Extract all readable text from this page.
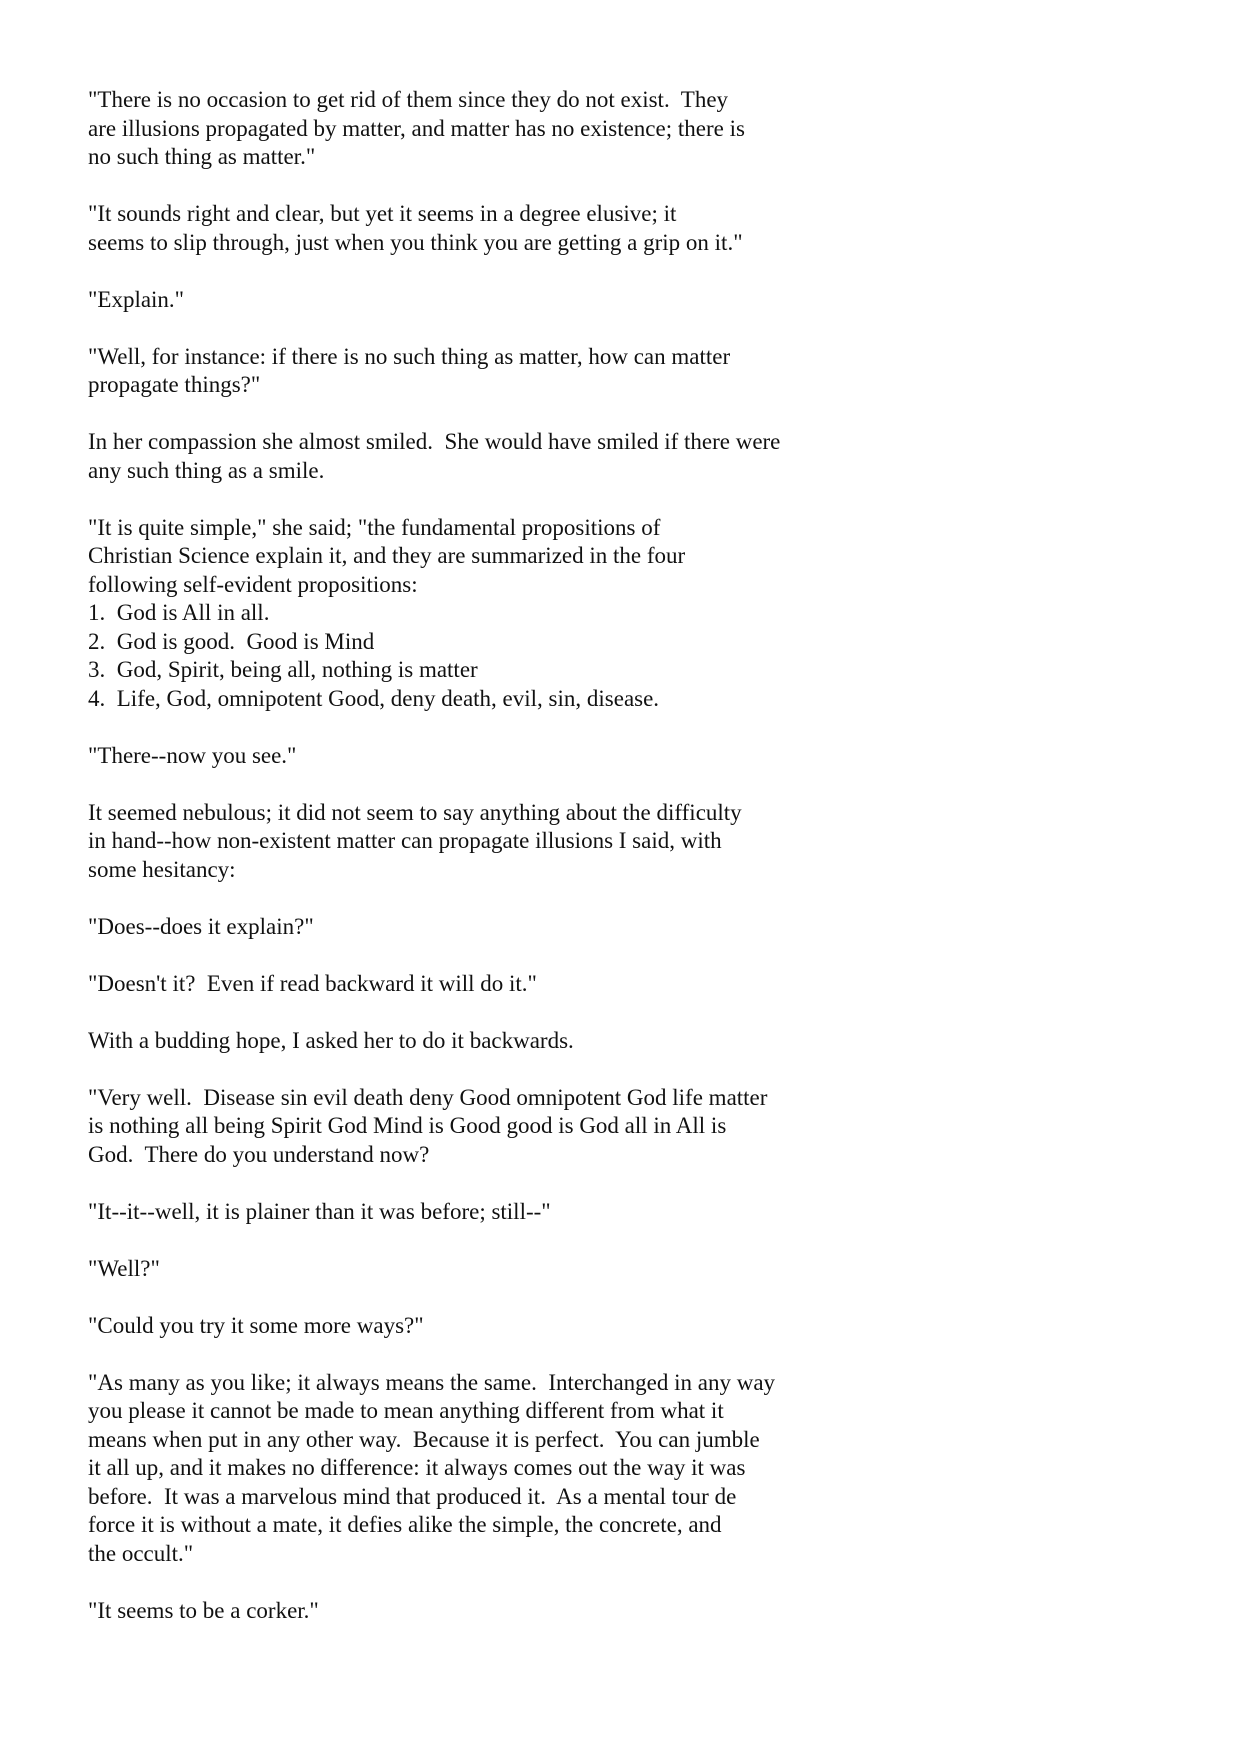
"There is no occasion to get rid of them since they do not exist.  They
are illusions propagated by matter, and matter has no existence; there is
no such thing as matter."

"It sounds right and clear, but yet it seems in a degree elusive; it
seems to slip through, just when you think you are getting a grip on it."

"Explain."

"Well, for instance: if there is no such thing as matter, how can matter
propagate things?"

In her compassion she almost smiled.  She would have smiled if there were
any such thing as a smile.

"It is quite simple," she said; "the fundamental propositions of
Christian Science explain it, and they are summarized in the four
following self-evident propositions:
1.  God is All in all.
2.  God is good.  Good is Mind
3.  God, Spirit, being all, nothing is matter
4.  Life, God, omnipotent Good, deny death, evil, sin, disease.

"There--now you see."

It seemed nebulous; it did not seem to say anything about the difficulty
in hand--how non-existent matter can propagate illusions I said, with
some hesitancy:

"Does--does it explain?"

"Doesn't it?  Even if read backward it will do it."

With a budding hope, I asked her to do it backwards.

"Very well.  Disease sin evil death deny Good omnipotent God life matter
is nothing all being Spirit God Mind is Good good is God all in All is
God.  There do you understand now?

"It--it--well, it is plainer than it was before; still--"

"Well?"

"Could you try it some more ways?"

"As many as you like; it always means the same.  Interchanged in any way
you please it cannot be made to mean anything different from what it
means when put in any other way.  Because it is perfect.  You can jumble
it all up, and it makes no difference: it always comes out the way it was
before.  It was a marvelous mind that produced it.  As a mental tour de
force it is without a mate, it defies alike the simple, the concrete, and
the occult."

"It seems to be a corker."
